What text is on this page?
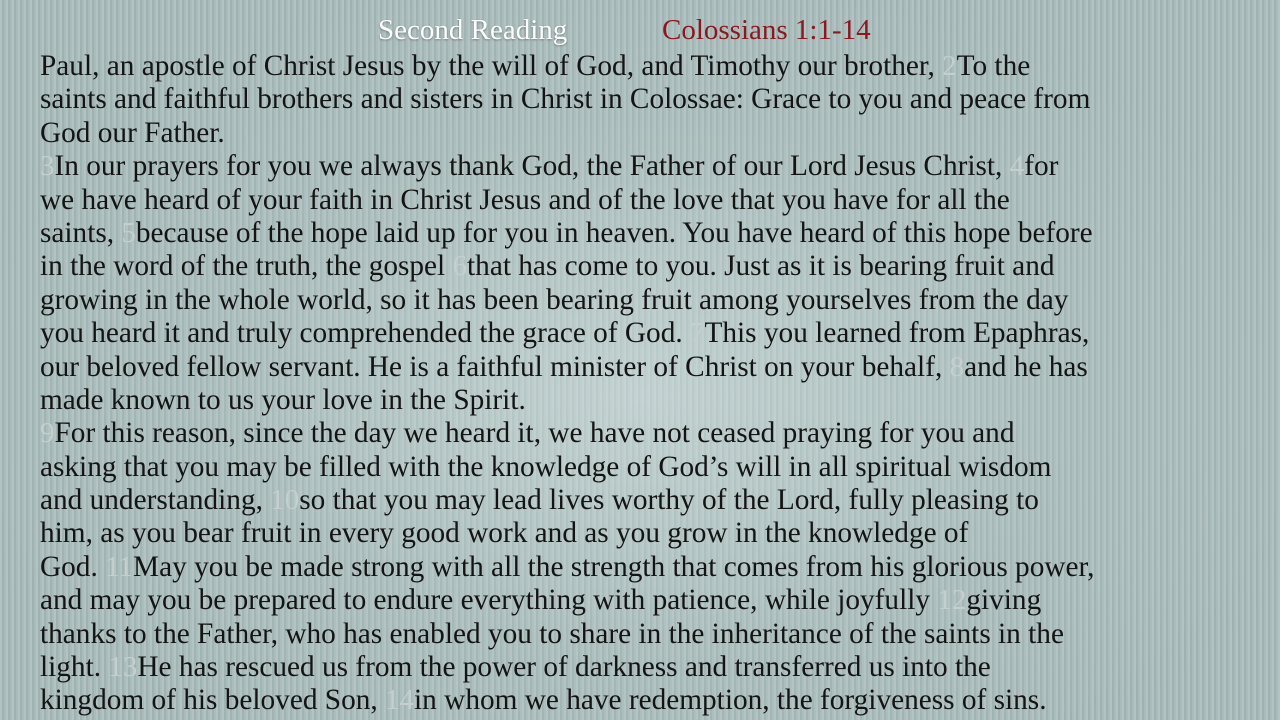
Second Reading	Colossians 1:1-14
Paul, an apostle of Christ Jesus by the will of God, and Timothy our brother, 2To the
saints and faithful brothers and sisters in Christ in Colossae: Grace to you and peace from
God our Father.
3In our prayers for you we always thank God, the Father of our Lord Jesus Christ, 4for
we have heard of your faith in Christ Jesus and of the love that you have for all the
saints, 5because of the hope laid up for you in heaven. You have heard of this hope before
in the word of the truth, the gospel 6that has come to you. Just as it is bearing fruit and
growing in the whole world, so it has been bearing fruit among yourselves from the day
you heard it and truly comprehended the grace of God. 7This you learned from Epaphras,
our beloved fellow servant. He is a faithful minister of Christ on your behalf, 8and he has
made known to us your love in the Spirit.
9For this reason, since the day we heard it, we have not ceased praying for you and
asking that you may be filled with the knowledge of God’s will in all spiritual wisdom
and understanding, 10so that you may lead lives worthy of the Lord, fully pleasing to
him, as you bear fruit in every good work and as you grow in the knowledge of
God. 11May you be made strong with all the strength that comes from his glorious power,
and may you be prepared to endure everything with patience, while joyfully 12giving
thanks to the Father, who has enabled you to share in the inheritance of the saints in the
light. 13He has rescued us from the power of darkness and transferred us into the
kingdom of his beloved Son, 14in whom we have redemption, the forgiveness of sins.
